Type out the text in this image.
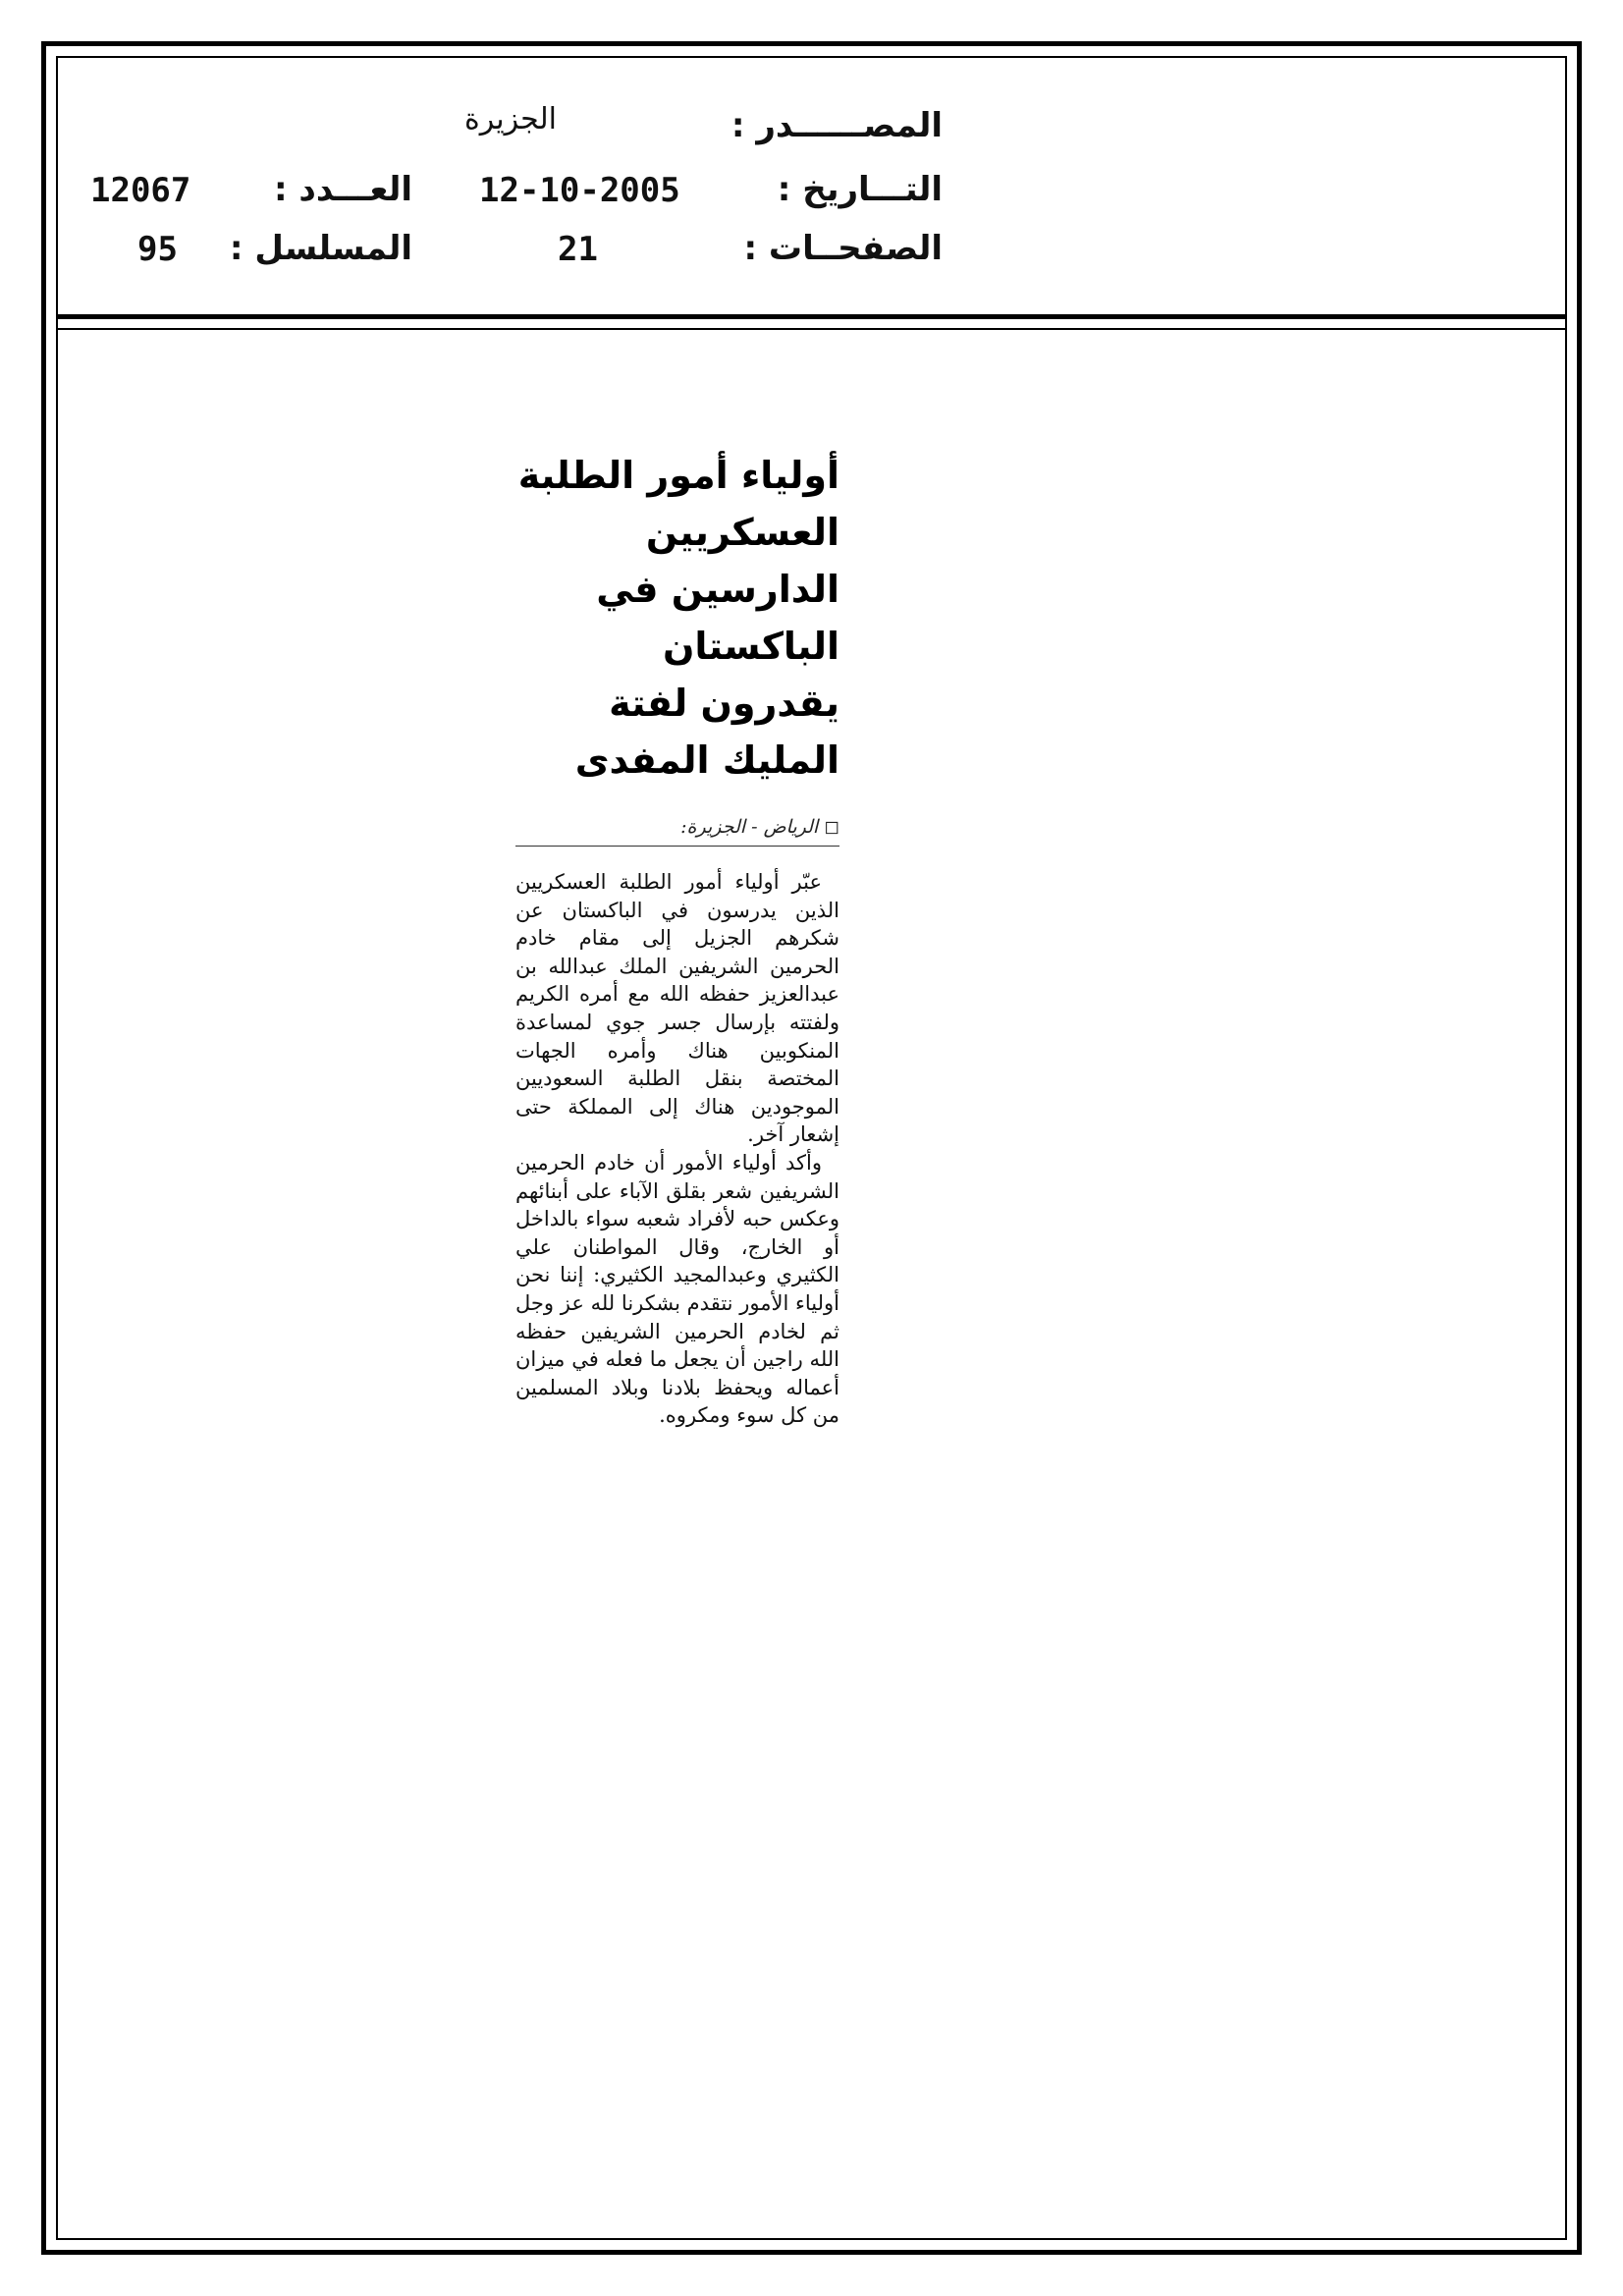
المصــــــدر :
الجزيرة
التـــاريخ :
12-10-2005
العـــدد :
12067
الصفحــات :
21
المسلسل :
95
أولياء أمور الطلبة العسكريين
الدارسين في الباكستان
يقدرون لفتة المليك المفدى
◻ الرياض - الجزيرة:

عبّر أولياء أمور الطلبة العسكريين الذين يدرسون في الباكستان عن شكرهم الجزيل إلى مقام خادم الحرمين الشريفين الملك عبدالله بن عبدالعزيز حفظه الله مع أمره الكريم ولفتته بإرسال جسر جوي لمساعدة المنكوبين هناك وأمره الجهات المختصة بنقل الطلبة السعوديين الموجودين هناك إلى المملكة حتى إشعار آخر.

وأكد أولياء الأمور أن خادم الحرمين الشريفين شعر بقلق الآباء على أبنائهم وعكس حبه لأفراد شعبه سواء بالداخل أو الخارج، وقال المواطنان علي الكثيري وعبدالمجيد الكثيري: إننا نحن أولياء الأمور نتقدم بشكرنا لله عز وجل ثم لخادم الحرمين الشريفين حفظه الله راجين أن يجعل ما فعله في ميزان أعماله ويحفظ بلادنا وبلاد المسلمين من كل سوء ومكروه.
